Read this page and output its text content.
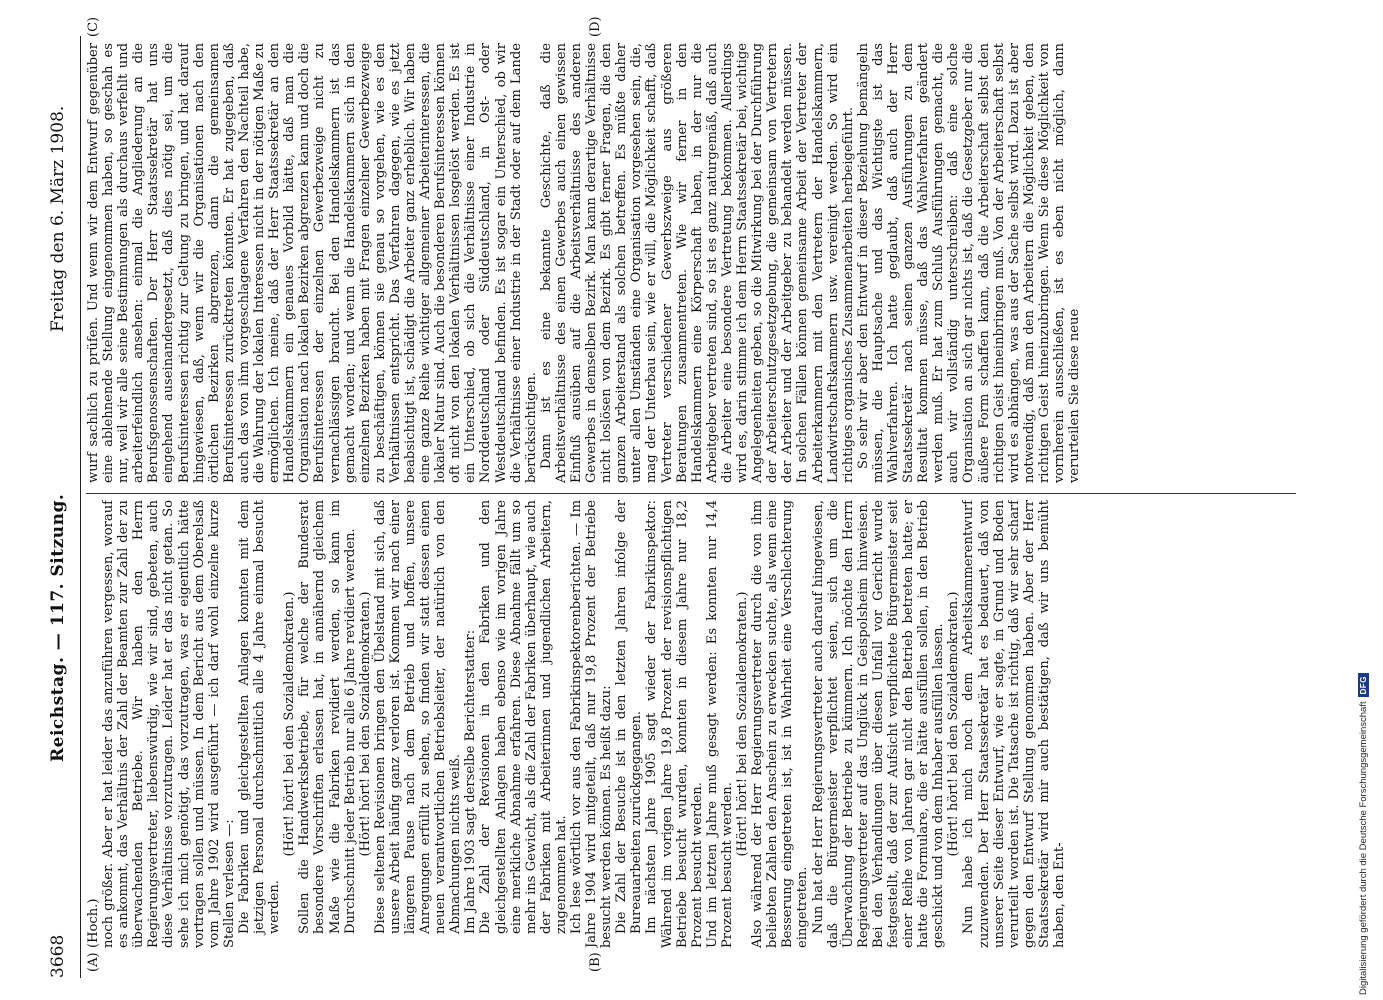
3668
Reichstag. — 117. Sitzung.
Freitag den 6. März 1908.
(A)	(B)
(C)	(D)

(Hoch.) noch größer. Aber er hat leider das anzuführen vergessen, worauf es ankommt, das Verhältnis der Zahl der Beamten zur Zahl der zu überwachenden Betriebe. Wir haben den Herrn Regierungsvertreter, liebenswürdig, wie wir sind, gebeten, auch diese Verhältnisse vorzutragen. Leider hat er das nicht getan. So sehe ich mich genötigt, das vorzutragen, was er eigentlich hätte vortragen sollen und müssen. In dem Bericht aus dem Oberelsaß vom Jahre 1902 wird ausgeführt — ich darf wohl einzelne kurze Stellen verlesen —: Die Fabriken und gleichgestellten Anlagen konnten mit dem jetzigen Personal durchschnittlich alle 4 Jahre einmal besucht werden.

(Hört! hört! bei den Sozialdemokraten.) Sollen die Handwerksbetriebe, für welche der Bundesrat besondere Vorschriften erlassen hat, in annähernd gleichem Maße wie die Fabriken revidiert werden, so kann im Durchschnitt jeder Betrieb nur alle 6 Jahre revidiert werden. (Hört! hört! bei den Sozialdemokraten.) Diese seltenen Revisionen bringen den Übelstand mit sich, daß unsere Arbeit häufig ganz verloren ist. Kommen wir nach einer längeren Pause nach dem Betrieb und hoffen, unsere Anregungen erfüllt zu sehen, so finden wir statt dessen einen neuen verantwortlichen Betriebsleiter, der natürlich von den Abmachungen nichts weiß. Im Jahre 1903 sagt derselbe Berichterstatter: Die Zahl der Revisionen in den Fabriken und den gleichgestellten Anlagen haben ebenso wie im vorigen Jahre eine merkliche Abnahme erfahren. Diese Abnahme fällt um so mehr ins Gewicht, als die Zahl der Fabriken überhaupt, wie auch der Fabriken mit Arbeiterinnen und jugendlichen Arbeitern, zugenommen hat. Ich lese wörtlich vor aus den Fabrikinspektorenberichten. — Im Jahre 1904 wird mitgeteilt, daß nur 19,8 Prozent der Betriebe besucht werden können. Es heißt dazu: Die Zahl der Besuche ist in den letzten Jahren infolge der Bureauarbeiten zurückgegangen. Im nächsten Jahre 1905 sagt wieder der Fabrikinspektor: Während im vorigen Jahre 19,8 Prozent der revisionspflichtigen Betriebe besucht wurden, konnten in diesem Jahre nur 18,2 Prozent besucht werden. Und im letzten Jahre muß gesagt werden: Es konnten nur 14,4 Prozent besucht werden.

(Hört! hört! bei den Sozialdemokraten.) Also während der Herr Regierungsvertreter durch die von ihm beliebten Zahlen den Anschein zu erwecken suchte, als wenn eine Besserung eingetreten ist, ist in Wahrheit eine Verschlechterung eingetreten. Nun hat der Herr Regierungsvertreter auch darauf hingewiesen, daß die Bürgermeister verpflichtet seien, sich um die Überwachung der Betriebe zu kümmern. Ich möchte den Herrn Regierungsvertreter auf das Unglück in Geispolsheim hinweisen. Bei den Verhandlungen über diesen Unfall vor Gericht wurde festgestellt, daß der zur Aufsicht verpflichtete Bürgermeister seit einer Reihe von Jahren gar nicht den Betrieb betreten hatte; er hatte die Formulare, die er hätte ausfüllen sollen, in den Betrieb geschickt und von dem Inhaber ausfüllen lassen. (Hört! hört! bei den Sozialdemokraten.) Nun habe ich mich noch dem Arbeitskammerentwurf zuzuwenden. Der Herr Staatssekretär hat es bedauert, daß von unserer Seite dieser Entwurf, wie er sagte, in Grund und Boden verurteilt worden ist. Die Tatsache ist richtig, daß wir sehr scharf gegen den Entwurf Stellung genommen haben. Aber der Herr Staatssekretär wird mir auch bestätigen, daß wir uns bemüht haben, den Ent-

wurf sachlich zu prüfen. Und wenn wir dem Entwurf gegenüber eine ablehnende Stellung eingenommen haben, so geschah es nur, weil wir alle seine Bestimmungen als durchaus verfehlt und arbeiterfeindlich ansehen: einmal die Angliederung an die Berufsgenossenschaften. Der Herr Staatssekretär hat uns eingehend auseinandergesetzt, daß dies nötig sei, um die Berufsinteressen richtig zur Geltung zu bringen, und hat darauf hingewiesen, daß, wenn wir die Organisationen nach den örtlichen Bezirken abgrenzen, dann die gemeinsamen Berufsinteressen zurücktreten könnten. Er hat zugegeben, daß auch das von ihm vorgeschlagene Verfahren den Nachteil habe, die Wahrung der lokalen Interessen nicht in der nötigen Maße zu ermöglichen. Ich meine, daß der Herr Staatssekretär an den Handelskammern ein genaues Vorbild hätte, daß man die Organisation nach lokalen Bezirken abgrenzen kann und doch die Berufsinteressen der einzelnen Gewerbezweige nicht zu vernachlässigen braucht. Bei den Handelskammern ist das gemacht worden; und wenn die Handelskammern sich in den einzelnen Bezirken haben mit Fragen einzelner Gewerbezweige zu beschäftigen, können sie genau so vorgehen, wie es den Verhältnissen entspricht. Das Verfahren dagegen, wie es jetzt beabsichtigt ist, schädigt die Arbeiter ganz erheblich. Wir haben eine ganze Reihe wichtiger allgemeiner Arbeiterinteressen, die lokaler Natur sind. Auch die besonderen Berufsinteressen können oft nicht von den lokalen Verhältnissen losgelöst werden. Es ist ein Unterschied, ob sich die Verhältnisse einer Industrie in Norddeutschland oder Süddeutschland, in Ost- oder Westdeutschland befinden. Es ist sogar ein Unterschied, ob wir die Verhältnisse einer Industrie in der Stadt oder auf dem Lande berücksichtigen. Dann ist es eine bekannte Geschichte, daß die Arbeitsverhältnisse des einen Gewerbes auch einen gewissen Einfluß ausüben auf die Arbeitsverhältnisse des anderen Gewerbes in demselben Bezirk. Man kann derartige Verhältnisse nicht loslösen von dem Bezirk. Es gibt ferner Fragen, die den ganzen Arbeiterstand als solchen betreffen. Es müßte daher unter allen Umständen eine Organisation vorgesehen sein, die, mag der Unterbau sein, wie er will, die Möglichkeit schafft, daß Vertreter verschiedener Gewerbszweige aus größeren Beratungen zusammentreten. Wie wir ferner in den Handelskammern eine Körperschaft haben, in der nur die Arbeitgeber vertreten sind, so ist es ganz naturgemäß, daß auch die Arbeiter eine besondere Vertretung bekommen. Allerdings wird es, darin stimme ich dem Herrn Staatssekretär bei, wichtige Angelegenheiten geben, so die Mitwirkung bei der Durchführung der Arbeiterschutzgesetzgebung, die gemeinsam von Vertretern der Arbeiter und der Arbeitgeber zu behandelt werden müssen. In solchen Fällen können gemeinsame Arbeit der Vertreter der Arbeiterkammern mit den Vertretern der Handelskammern, Landwirtschaftskammern usw. vereinigt werden. So wird ein richtiges organisches Zusammenarbeiten herbeigeführt. So sehr wir aber den Entwurf in dieser Beziehung bemängeln müssen, die Hauptsache und das Wichtigste ist das Wahlverfahren. Ich hatte geglaubt, daß auch der Herr Staatssekretär nach seinen ganzen Ausführungen zu dem Resultat kommen müsse, daß das Wahlverfahren geändert werden muß. Er hat zum Schluß Ausführungen gemacht, die auch wir vollständig unterschreiben: daß eine solche Organisation an sich gar nichts ist, daß die Gesetzgeber nur die äußere Form schaffen kann, daß die Arbeiterschaft selbst den richtigen Geist hineinbringen muß. Von der Arbeiterschaft selbst wird es abhängen, was aus der Sache selbst wird. Dazu ist aber notwendig, daß man den Arbeitern die Möglichkeit geben, den richtigen Geist hineinzubringen. Wenn Sie diese Möglichkeit von vornherein ausschließen, ist es eben nicht möglich, dann verurteilen Sie diese neue

Digitalisierung gefördert durch die Deutsche Forschungsgemeinschaft
DFG
